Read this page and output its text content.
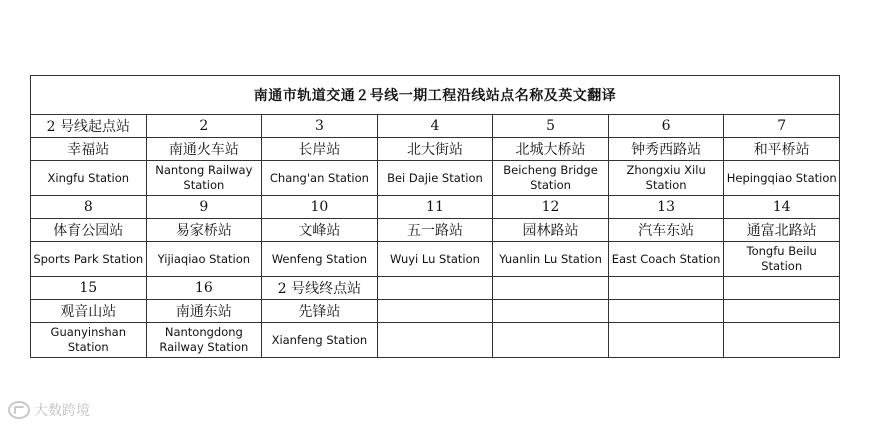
南通市轨道交通２号线一期工程沿线站点名称及英文翻译						
2 号线起点站	2	3	4	5	6	7
幸福站	南通火车站	长岸站	北大街站	北城大桥站	钟秀西路站	和平桥站
Xingfu Station	Nantong Railway Station	Chang'an Station	Bei Dajie Station	Beicheng Bridge Station	Zhongxiu Xilu Station	Hepingqiao Station
8	9	10	11	12	13	14
体育公园站	易家桥站	文峰站	五一路站	园林路站	汽车东站	通富北路站
Sports Park Station	Yijiaqiao Station	Wenfeng Station	Wuyi Lu Station	Yuanlin Lu Station	East Coach Station	Tongfu Beilu Station
15	16	2 号线终点站				
观音山站	南通东站	先锋站				
Guanyinshan Station	Nantongdong Railway Station	Xianfeng Station				
大数跨境
